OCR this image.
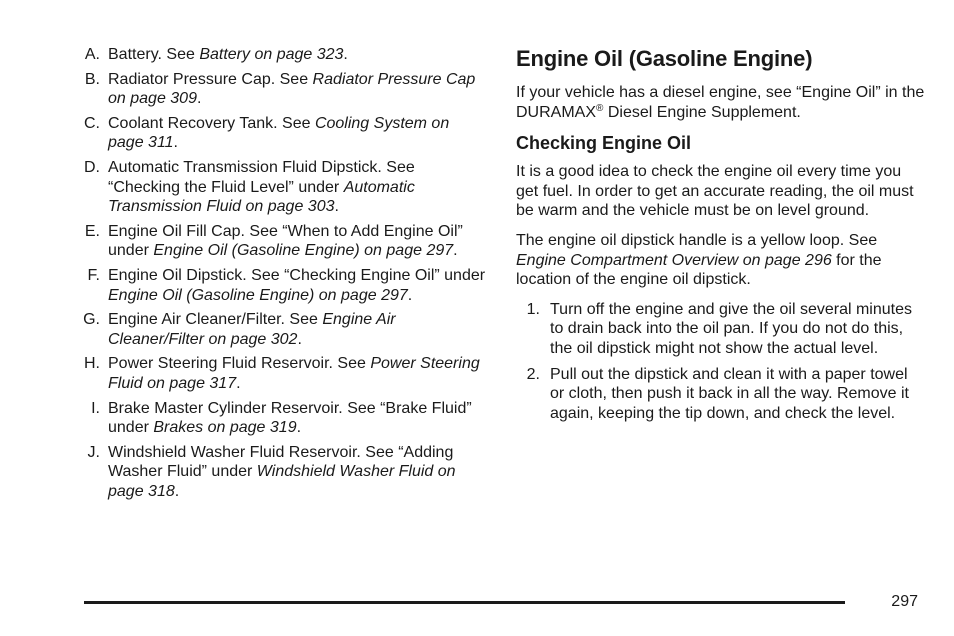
A. Battery. See Battery on page 323.
B. Radiator Pressure Cap. See Radiator Pressure Cap on page 309.
C. Coolant Recovery Tank. See Cooling System on page 311.
D. Automatic Transmission Fluid Dipstick. See “Checking the Fluid Level” under Automatic Transmission Fluid on page 303.
E. Engine Oil Fill Cap. See “When to Add Engine Oil” under Engine Oil (Gasoline Engine) on page 297.
F. Engine Oil Dipstick. See “Checking Engine Oil” under Engine Oil (Gasoline Engine) on page 297.
G. Engine Air Cleaner/Filter. See Engine Air Cleaner/Filter on page 302.
H. Power Steering Fluid Reservoir. See Power Steering Fluid on page 317.
I. Brake Master Cylinder Reservoir. See “Brake Fluid” under Brakes on page 319.
J. Windshield Washer Fluid Reservoir. See “Adding Washer Fluid” under Windshield Washer Fluid on page 318.
Engine Oil (Gasoline Engine)

If your vehicle has a diesel engine, see “Engine Oil” in the DURAMAX® Diesel Engine Supplement.

Checking Engine Oil

It is a good idea to check the engine oil every time you get fuel. In order to get an accurate reading, the oil must be warm and the vehicle must be on level ground.

The engine oil dipstick handle is a yellow loop. See Engine Compartment Overview on page 296 for the location of the engine oil dipstick.

1. Turn off the engine and give the oil several minutes to drain back into the oil pan. If you do not do this, the oil dipstick might not show the actual level.
2. Pull out the dipstick and clean it with a paper towel or cloth, then push it back in all the way. Remove it again, keeping the tip down, and check the level.
297
